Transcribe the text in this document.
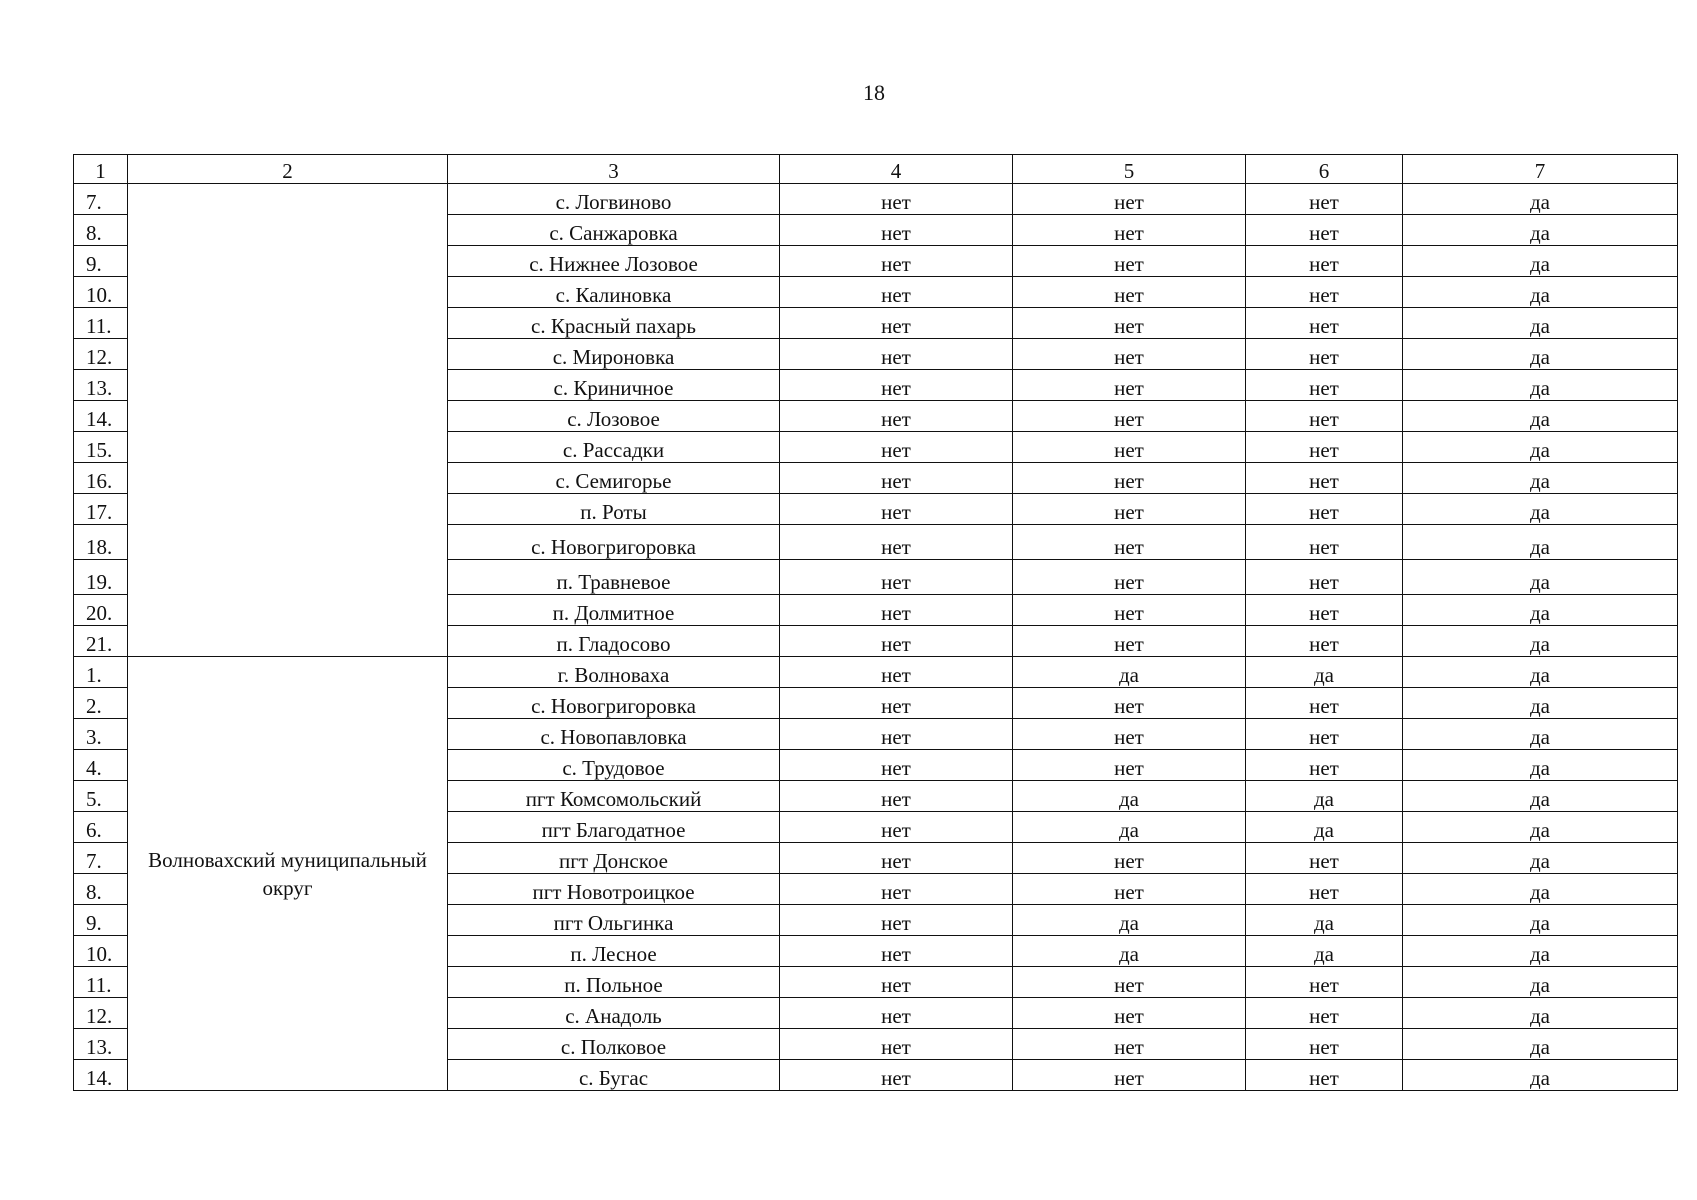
18
1	2	3	4	5	6	7
7.		с. Логвиново	нет	нет	нет	да
8.		с. Санжаровка	нет	нет	нет	да
9.		с. Нижнее Лозовое	нет	нет	нет	да
10.		с. Калиновка	нет	нет	нет	да
11.		с. Красный пахарь	нет	нет	нет	да
12.		с. Мироновка	нет	нет	нет	да
13.		с. Криничное	нет	нет	нет	да
14.		с. Лозовое	нет	нет	нет	да
15.		с. Рассадки	нет	нет	нет	да
16.		с. Семигорье	нет	нет	нет	да
17.		п. Роты	нет	нет	нет	да
18.		с. Новогригоровка	нет	нет	нет	да
19.		п. Травневое	нет	нет	нет	да
20.		п. Долмитное	нет	нет	нет	да
21.		п. Гладосово	нет	нет	нет	да
1.	Волновахский муниципальный округ	г. Волноваха	нет	да	да	да
2.		с. Новогригоровка	нет	нет	нет	да
3.		с. Новопавловка	нет	нет	нет	да
4.		с. Трудовое	нет	нет	нет	да
5.		пгт Комсомольский	нет	да	да	да
6.		пгт Благодатное	нет	да	да	да
7.		пгт Донское	нет	нет	нет	да
8.		пгт Новотроицкое	нет	нет	нет	да
9.		пгт Ольгинка	нет	да	да	да
10.		п. Лесное	нет	да	да	да
11.		п. Польное	нет	нет	нет	да
12.		с. Анадоль	нет	нет	нет	да
13.		с. Полковое	нет	нет	нет	да
14.		с. Бугас	нет	нет	нет	да
